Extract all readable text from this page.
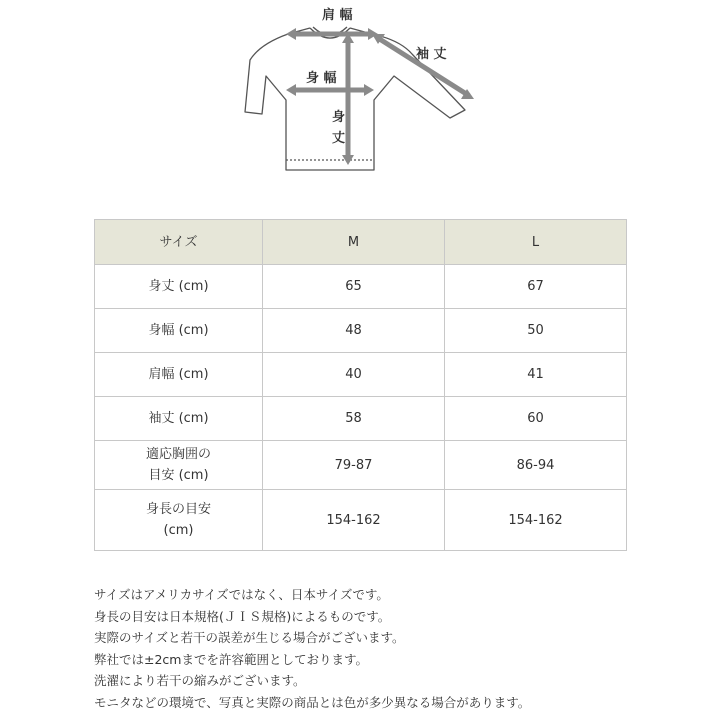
肩 幅
身 幅
袖 丈
身
丈
サイズ	M	L
身丈 (cm)	65	67
身幅 (cm)	48	50
肩幅 (cm)	40	41
袖丈 (cm)	58	60

適応胸囲の
目安 (cm)	79-87	86-94

身長の目安
(cm)	154-162	154-162
サイズはアメリカサイズではなく、日本サイズです。
身長の目安は日本規格(ＪＩＳ規格)によるものです。
実際のサイズと若干の誤差が生じる場合がございます。
弊社では±2cmまでを許容範囲としております。
洗濯により若干の縮みがございます。
モニタなどの環境で、写真と実際の商品とは色が多少異なる場合があります。
